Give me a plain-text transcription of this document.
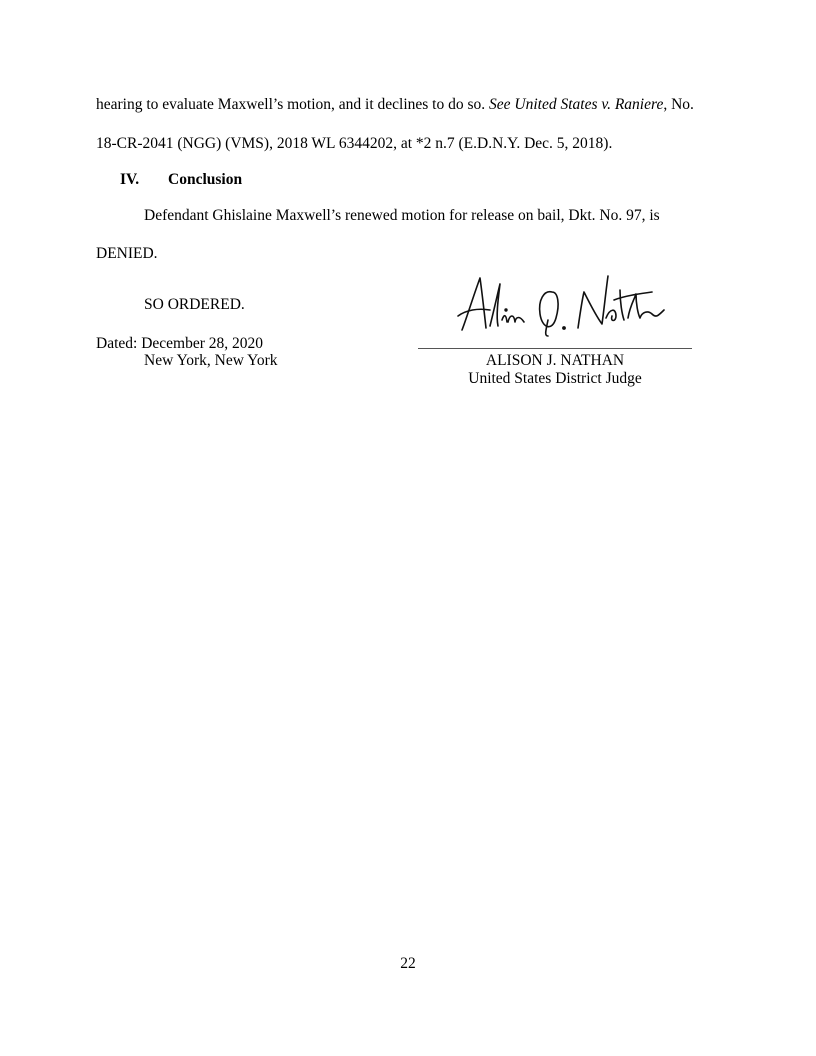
hearing to evaluate Maxwell’s motion, and it declines to do so. See United States v. Raniere, No.
18-CR-2041 (NGG) (VMS), 2018 WL 6344202, at *2 n.7 (E.D.N.Y. Dec. 5, 2018).
IV. Conclusion
Defendant Ghislaine Maxwell’s renewed motion for release on bail, Dkt. No. 97, is
DENIED.
SO ORDERED.
Dated: December 28, 2020
New York, New York	ALISON J. NATHAN
United States District Judge
22
